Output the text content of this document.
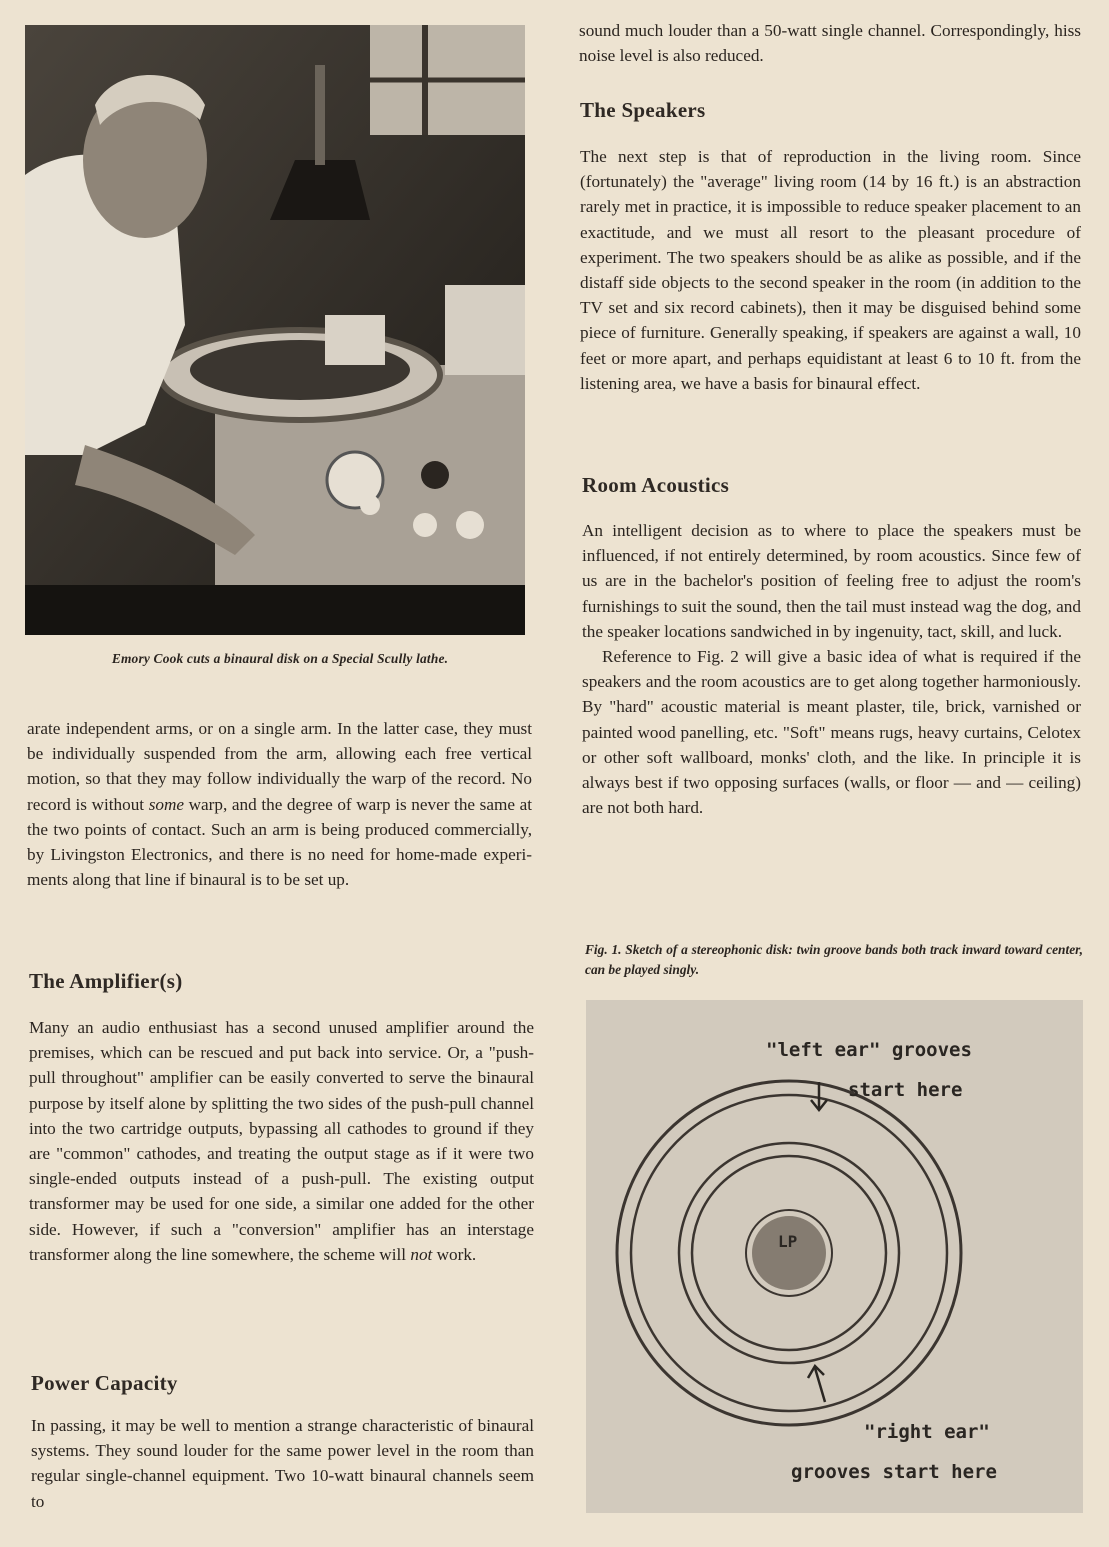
Emory Cook cuts a binaural disk on a Special Scully lathe.

arate independent arms, or on a single arm. In the latter case, they must be individually suspended from the arm, allowing each free vertical motion, so that they may follow individually the warp of the record. No record is without some warp, and the degree of warp is never the same at the two points of contact. Such an arm is being produced commercially, by Livingston Electronics, and there is no need for home-made experiments along that line if binaural is to be set up.

The Amplifier(s)

Many an audio enthusiast has a second unused amplifier around the premises, which can be rescued and put back into service. Or, a "push-pull throughout" amplifier can be easily converted to serve the binaural purpose by itself alone by splitting the two sides of the push-pull channel into the two cartridge outputs, bypassing all cathodes to ground if they are "common" cathodes, and treating the output stage as if it were two single-ended outputs instead of a push-pull. The existing output transformer may be used for one side, a similar one added for the other side. However, if such a "conversion" amplifier has an interstage transformer along the line somewhere, the scheme will not work.

Power Capacity

In passing, it may be well to mention a strange characteristic of binaural systems. They sound louder for the same power level in the room than regular single-channel equipment. Two 10-watt binaural channels seem to

sound much louder than a 50-watt single channel. Correspondingly, hiss noise level is also reduced.

The Speakers

The next step is that of reproduction in the living room. Since (fortunately) the "average" living room (14 by 16 ft.) is an abstraction rarely met in practice, it is impossible to reduce speaker placement to an exactitude, and we must all resort to the pleasant procedure of experiment. The two speakers should be as alike as possible, and if the distaff side objects to the second speaker in the room (in addition to the TV set and six record cabinets), then it may be disguised behind some piece of furniture. Generally speaking, if speakers are against a wall, 10 feet or more apart, and perhaps equidistant at least 6 to 10 ft. from the listening area, we have a basis for binaural effect.

Room Acoustics

An intelligent decision as to where to place the speakers must be influenced, if not entirely determined, by room acoustics. Since few of us are in the bachelor's position of feeling free to adjust the room's furnishings to suit the sound, then the tail must instead wag the dog, and the speaker locations sandwiched in by ingenuity, tact, skill, and luck.

Reference to Fig. 2 will give a basic idea of what is required if the speakers and the room acoustics are to get along together harmoniously. By "hard" acoustic material is meant plaster, tile, brick, varnished or painted wood panelling, etc. "Soft" means rugs, heavy curtains, Celotex or other soft wallboard, monks' cloth, and the like. In principle it is always best if two opposing surfaces (walls, or floor — and — ceiling) are not both hard.

Fig. 1. Sketch of a stereophonic disk: twin groove bands both track inward toward center, can be played singly.
LP
"left ear" grooves
start here
"right ear"
grooves start here
